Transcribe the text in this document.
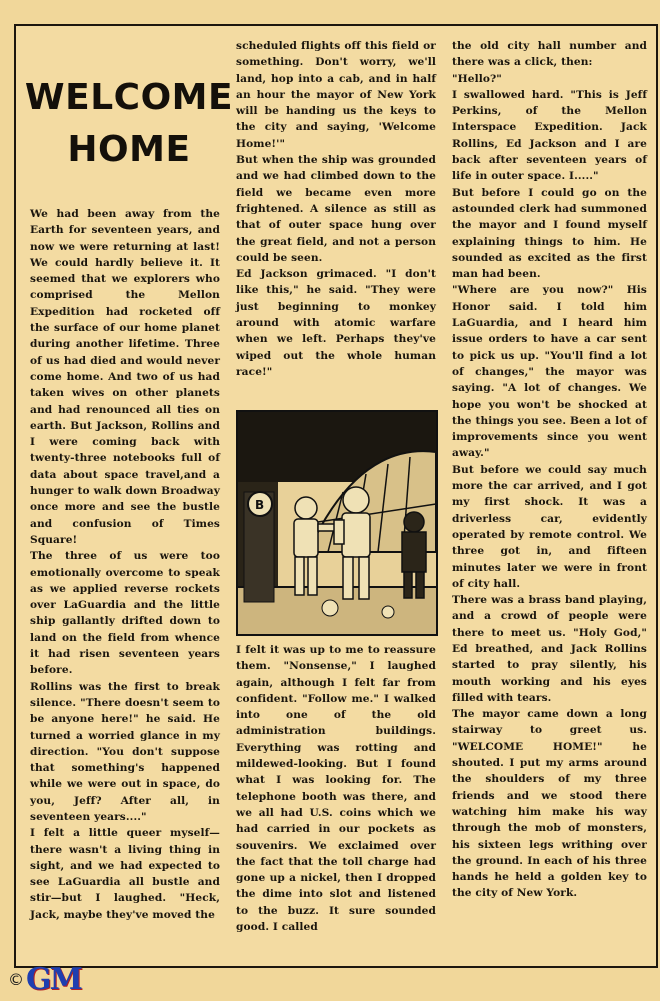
WELCOME
HOME
We had been away from the Earth for seventeen years, and now we were returning at last! We could hardly believe it. It seemed that we explorers who comprised the Mellon Expedition had rocketed off the surface of our home planet during another lifetime. Three of us had died and would never come home. And two of us had taken wives on other planets and had renounced all ties on earth. But Jackson, Rollins and I were coming back with twenty-three notebooks full of data about space travel,and a hunger to walk down Broadway once more and see the bustle and confusion of Times Square!
The three of us were too emotionally overcome to speak as we applied reverse rockets over LaGuardia and the little ship gallantly drifted down to land on the field from whence it had risen seventeen years before.
Rollins was the first to break silence. "There doesn't seem to be anyone here!" he said. He turned a worried glance in my direction. "You don't suppose that something's happened while we were out in space, do you, Jeff? After all, in seventeen years...."
I felt a little queer myself—there wasn't a living thing in sight, and we had expected to see LaGuardia all bustle and stir—but I laughed. "Heck, Jack, maybe they've moved the
scheduled flights off this field or something. Don't worry, we'll land, hop into a cab, and in half an hour the mayor of New York will be handing us the keys to the city and saying, 'Welcome Home!'"
But when the ship was grounded and we had climbed down to the field we became even more frightened. A silence as still as that of outer space hung over the great field, and not a person could be seen.
Ed Jackson grimaced. "I don't like this," he said. "They were just beginning to monkey around with atomic warfare when we left. Perhaps they've wiped out the whole human race!"
B
I felt it was up to me to reassure them. "Nonsense," I laughed again, although I felt far from confident. "Follow me." I walked into one of the old administration buildings. Everything was rotting and mildewed-looking. But I found what I was looking for. The telephone booth was there, and we all had U.S. coins which we had carried in our pockets as souvenirs. We exclaimed over the fact that the toll charge had gone up a nickel, then I dropped the dime into slot and listened to the buzz. It sure sounded good. I called
the old city hall number and there was a click, then:
"Hello?"
I swallowed hard. "This is Jeff Perkins, of the Mellon Interspace Expedition. Jack Rollins, Ed Jackson and I are back after seventeen years of life in outer space. I....."
But before I could go on the astounded clerk had summoned the mayor and I found myself explaining things to him. He sounded as excited as the first man had been.
"Where are you now?" His Honor said. I told him LaGuardia, and I heard him issue orders to have a car sent to pick us up. "You'll find a lot of changes," the mayor was saying. "A lot of changes. We hope you won't be shocked at the things you see. Been a lot of improvements since you went away."
But before we could say much more the car arrived, and I got my first shock. It was a driverless car, evidently operated by remote control. We three got in, and fifteen minutes later we were in front of city hall.
There was a brass band playing, and a crowd of people were there to meet us. "Holy God," Ed breathed, and Jack Rollins started to pray silently, his mouth working and his eyes filled with tears.
The mayor came down a long stairway to greet us. "WELCOME HOME!" he shouted. I put my arms around the shoulders of my three friends and we stood there watching him make his way through the mob of monsters, his sixteen legs writhing over the ground. In each of his three hands he held a golden key to the city of New York.
© GM
